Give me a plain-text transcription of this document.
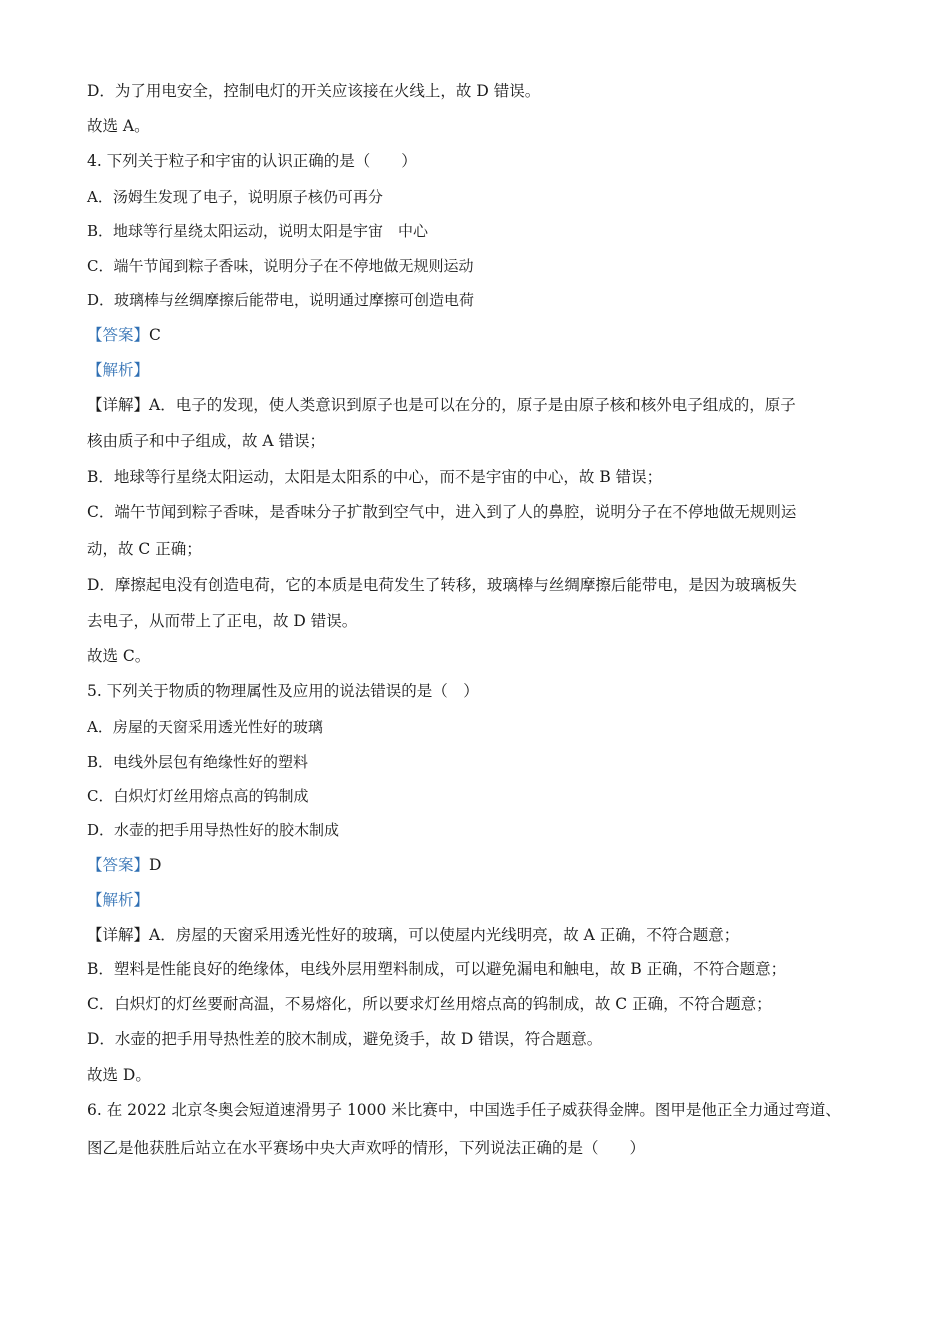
D．为了用电安全，控制电灯的开关应该接在火线上，故 D 错误。
故选 A。
4. 下列关于粒子和宇宙的认识正确的是（　　）
A．汤姆生发现了电子，说明原子核仍可再分
B．地球等行星绕太阳运动，说明太阳是宇宙　中心
C．端午节闻到粽子香味，说明分子在不停地做无规则运动
D．玻璃棒与丝绸摩擦后能带电，说明通过摩擦可创造电荷
【答案】C
【解析】
【详解】A．电子的发现，使人类意识到原子也是可以在分的，原子是由原子核和核外电子组成的，原子
核由质子和中子组成，故 A 错误；
B．地球等行星绕太阳运动，太阳是太阳系的中心，而不是宇宙的中心，故 B 错误；
C．端午节闻到粽子香味，是香味分子扩散到空气中，进入到了人的鼻腔，说明分子在不停地做无规则运
动，故 C 正确；
D．摩擦起电没有创造电荷，它的本质是电荷发生了转移，玻璃棒与丝绸摩擦后能带电，是因为玻璃板失
去电子，从而带上了正电，故 D 错误。
故选 C。
5. 下列关于物质的物理属性及应用的说法错误的是（　）
A．房屋的天窗采用透光性好的玻璃
B．电线外层包有绝缘性好的塑料
C．白炽灯灯丝用熔点高的钨制成
D．水壶的把手用导热性好的胶木制成
【答案】D
【解析】
【详解】A．房屋的天窗采用透光性好的玻璃，可以使屋内光线明亮，故 A 正确，不符合题意；
B．塑料是性能良好的绝缘体，电线外层用塑料制成，可以避免漏电和触电，故 B 正确，不符合题意；
C．白炽灯的灯丝要耐高温，不易熔化，所以要求灯丝用熔点高的钨制成，故 C 正确，不符合题意；
D．水壶的把手用导热性差的胶木制成，避免烫手，故 D 错误，符合题意。
故选 D。
6. 在 2022 北京冬奥会短道速滑男子 1000 米比赛中，中国选手任子威获得金牌。图甲是他正全力通过弯道、
图乙是他获胜后站立在水平赛场中央大声欢呼的情形，下列说法正确的是（　　）
